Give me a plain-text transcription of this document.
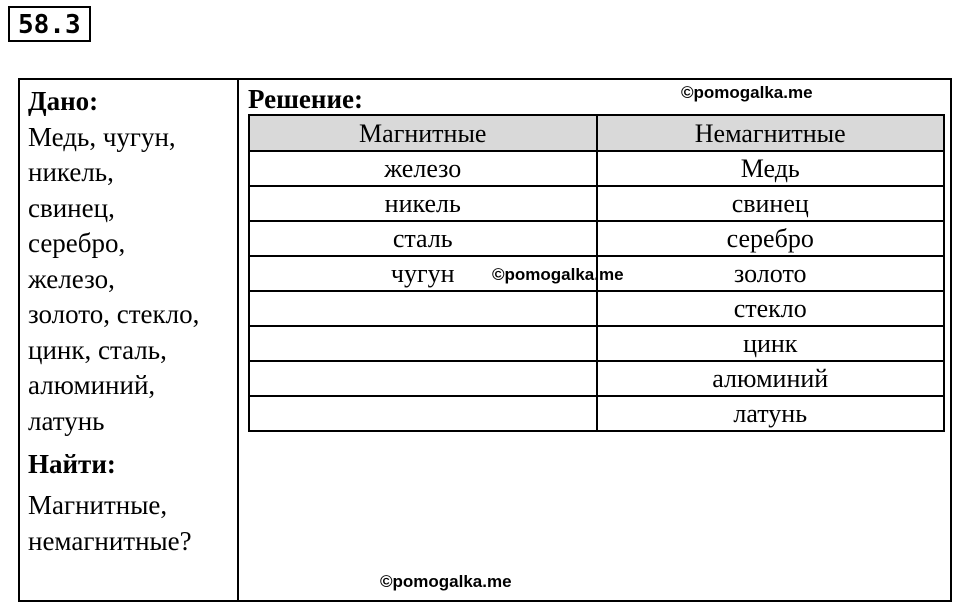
58.3
Дано:
Медь, чугун,
никель,
свинец,
серебро,
железо,
золото, стекло,
цинк, сталь,
алюминий,
латунь
Найти:
Магнитные,
немагнитные?
Решение:	©pomogalka.me
Магнитные	Немагнитные
железо	Медь
никель	свинец
сталь	серебро
чугун	золото
	стекло
	цинк
	алюминий
	латунь
©pomogalka.me
©pomogalka.me
